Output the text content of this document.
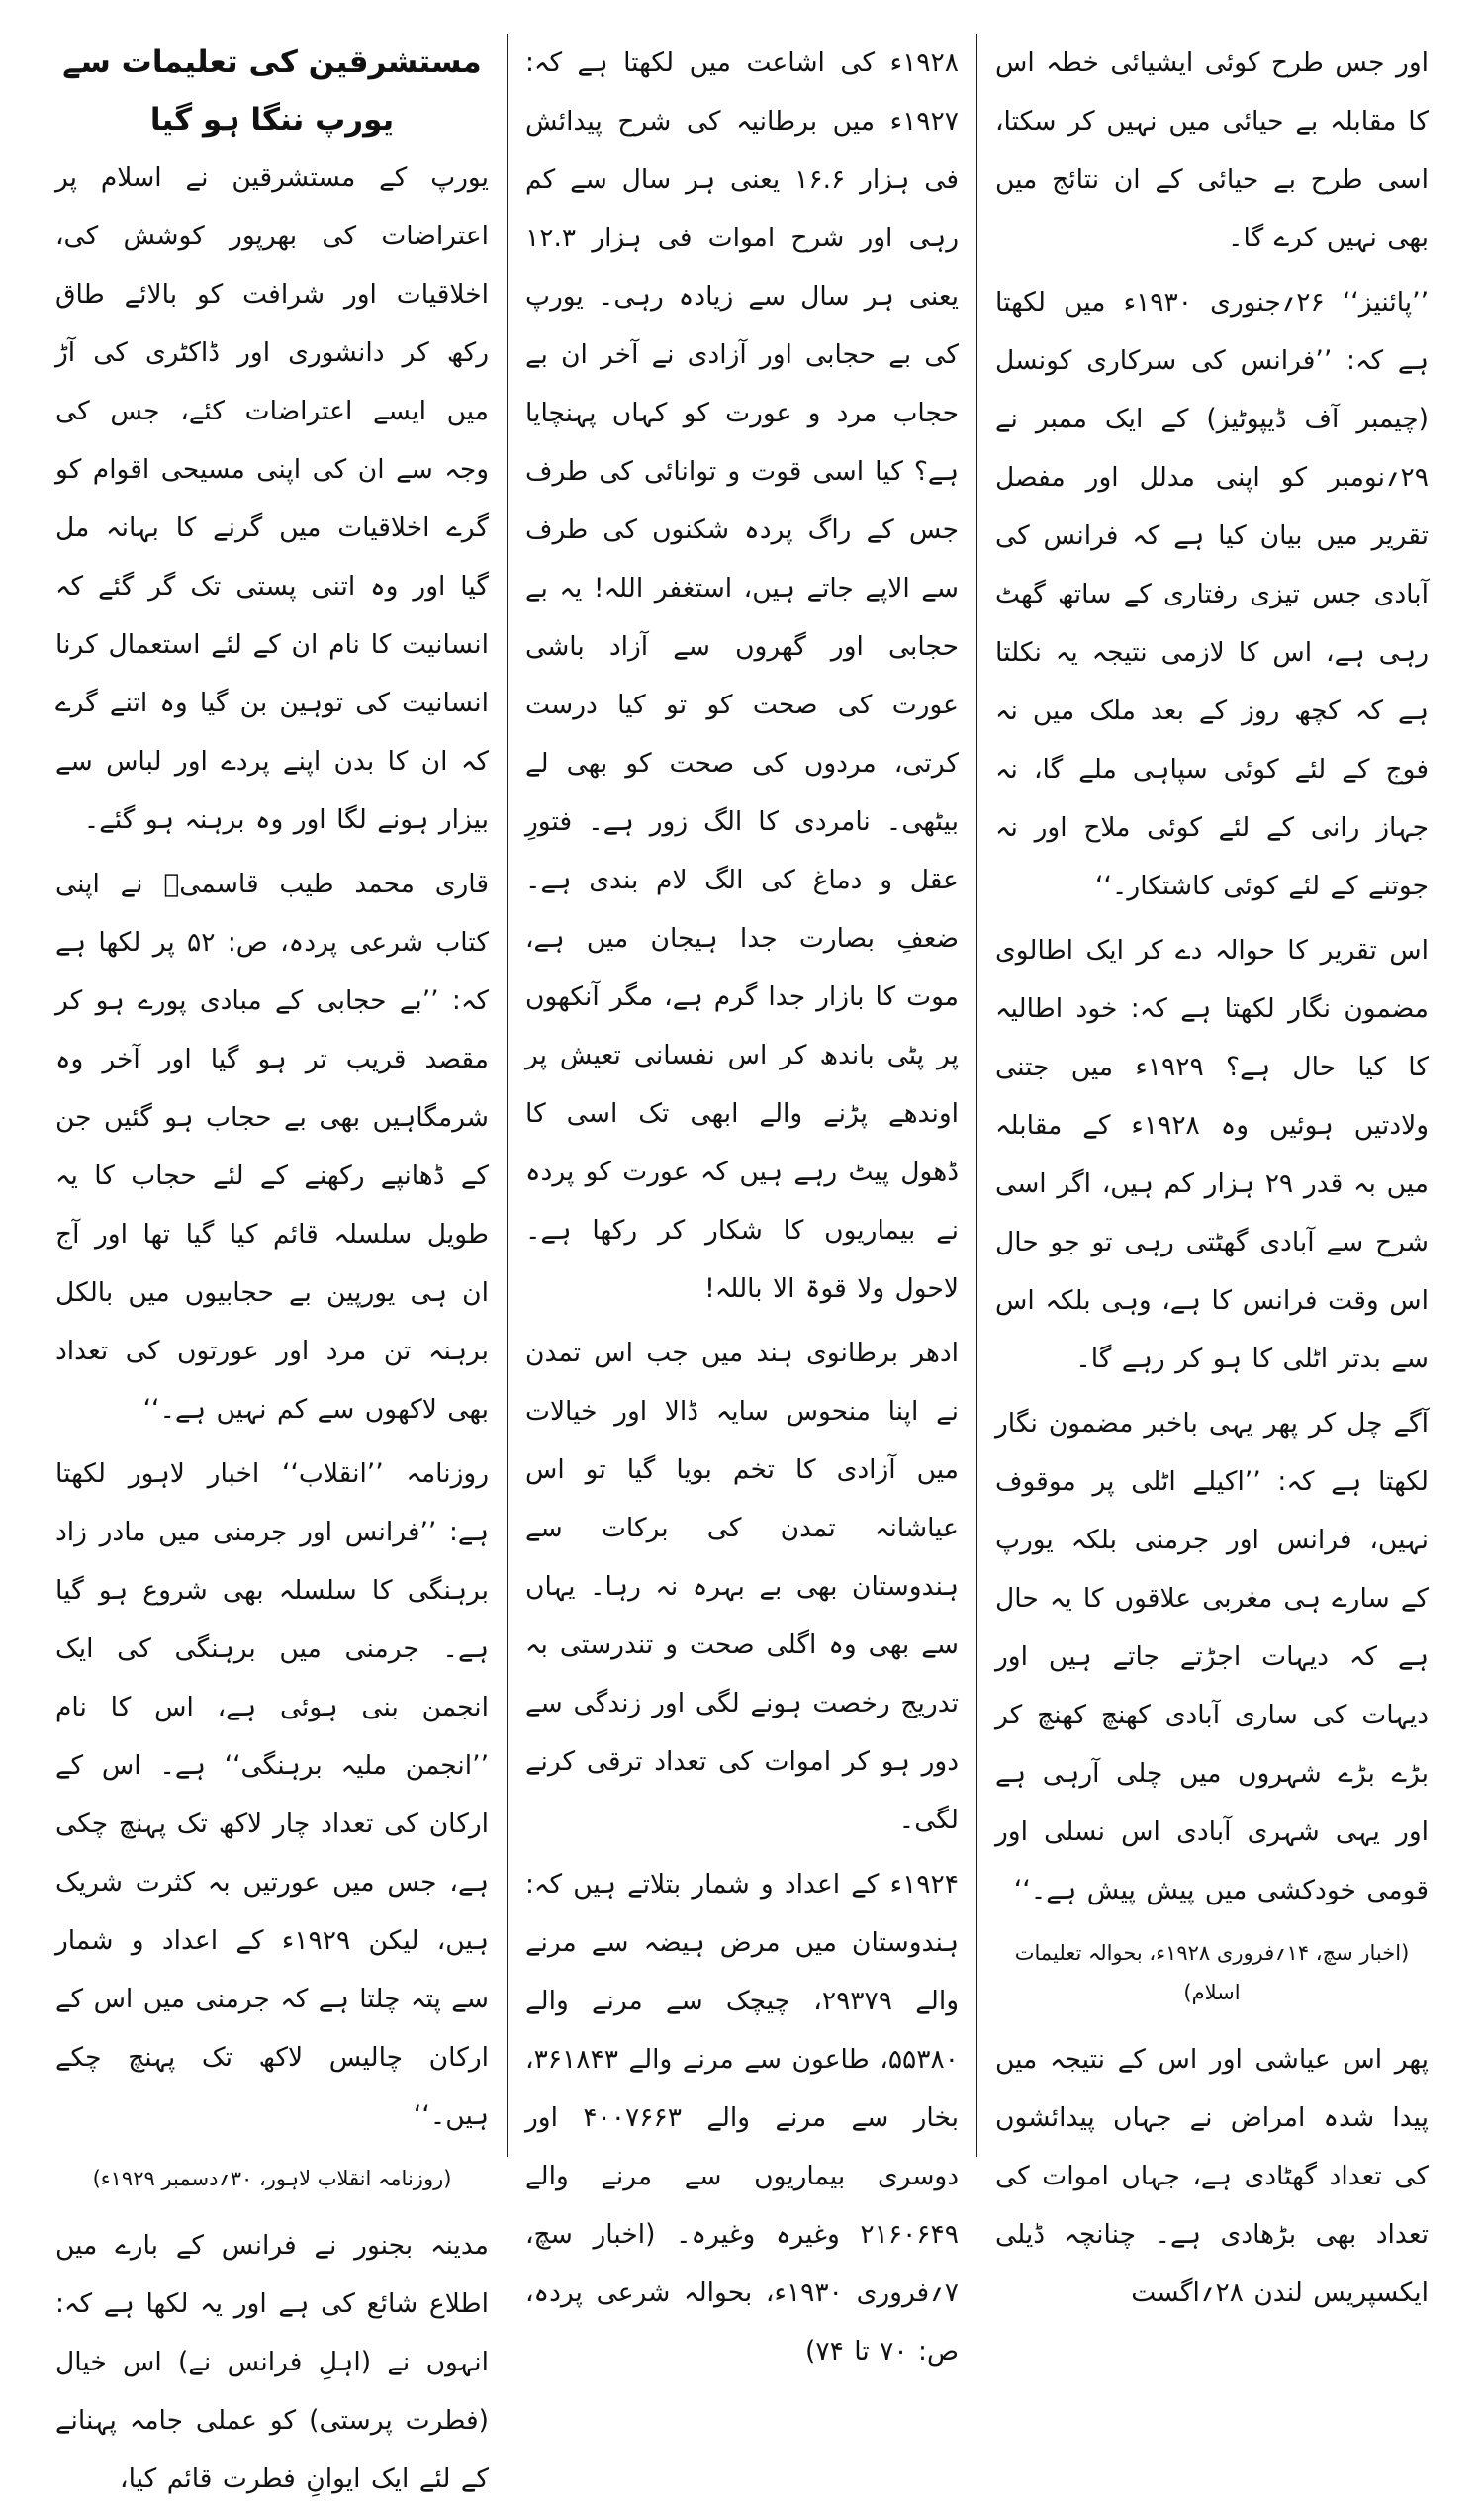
اور جس طرح کوئی ایشیائی خطہ اس کا مقابلہ بے حیائی میں نہیں کر سکتا، اسی طرح بے حیائی کے ان نتائج میں بھی نہیں کرے گا۔

’’پائنیز‘‘ ۲۶؍جنوری ۱۹۳۰ء میں لکھتا ہے کہ: ’’فرانس کی سرکاری کونسل (چیمبر آف ڈیپوٹیز) کے ایک ممبر نے ۲۹؍نومبر کو اپنی مدلل اور مفصل تقریر میں بیان کیا ہے کہ فرانس کی آبادی جس تیزی رفتاری کے ساتھ گھٹ رہی ہے، اس کا لازمی نتیجہ یہ نکلتا ہے کہ کچھ روز کے بعد ملک میں نہ فوج کے لئے کوئی سپاہی ملے گا، نہ جہاز رانی کے لئے کوئی ملاح اور نہ جوتنے کے لئے کوئی کاشتکار۔‘‘

اس تقریر کا حوالہ دے کر ایک اطالوی مضمون نگار لکھتا ہے کہ: خود اطالیہ کا کیا حال ہے؟ ۱۹۲۹ء میں جتنی ولادتیں ہوئیں وہ ۱۹۲۸ء کے مقابلہ میں بہ قدر ۲۹ ہزار کم ہیں، اگر اسی شرح سے آبادی گھٹتی رہی تو جو حال اس وقت فرانس کا ہے، وہی بلکہ اس سے بدتر اٹلی کا ہو کر رہے گا۔

آگے چل کر پھر یہی باخبر مضمون نگار لکھتا ہے کہ: ’’اکیلے اٹلی پر موقوف نہیں، فرانس اور جرمنی بلکہ یورپ کے سارے ہی مغربی علاقوں کا یہ حال ہے کہ دیہات اجڑتے جاتے ہیں اور دیہات کی ساری آبادی کھنچ کھنچ کر بڑے بڑے شہروں میں چلی آرہی ہے اور یہی شہری آبادی اس نسلی اور قومی خودکشی میں پیش پیش ہے۔‘‘

(اخبار سچ، ۱۴؍فروری ۱۹۲۸ء، بحوالہ تعلیمات اسلام)

پھر اس عیاشی اور اس کے نتیجہ میں پیدا شدہ امراض نے جہاں پیدائشوں کی تعداد گھٹادی ہے، جہاں اموات کی تعداد بھی بڑھادی ہے۔ چنانچہ ڈیلی ایکسپریس لندن ۲۸؍اگست

۱۹۲۸ء کی اشاعت میں لکھتا ہے کہ: ۱۹۲۷ء میں برطانیہ کی شرح پیدائش فی ہزار ۱۶.۶ یعنی ہر سال سے کم رہی اور شرح اموات فی ہزار ۱۲.۳ یعنی ہر سال سے زیادہ رہی۔ یورپ کی بے حجابی اور آزادی نے آخر ان بے حجاب مرد و عورت کو کہاں پہنچایا ہے؟ کیا اسی قوت و توانائی کی طرف جس کے راگ پردہ شکنوں کی طرف سے الاپے جاتے ہیں، استغفر اللہ! یہ بے حجابی اور گھروں سے آزاد باشی عورت کی صحت کو تو کیا درست کرتی، مردوں کی صحت کو بھی لے بیٹھی۔ نامردی کا الگ زور ہے۔ فتورِ عقل و دماغ کی الگ لام بندی ہے۔ ضعفِ بصارت جدا ہیجان میں ہے، موت کا بازار جدا گرم ہے، مگر آنکھوں پر پٹی باندھ کر اس نفسانی تعیش پر اوندھے پڑنے والے ابھی تک اسی کا ڈھول پیٹ رہے ہیں کہ عورت کو پردہ نے بیماریوں کا شکار کر رکھا ہے۔ لاحول ولا قوۃ الا باللہ!

ادھر برطانوی ہند میں جب اس تمدن نے اپنا منحوس سایہ ڈالا اور خیالات میں آزادی کا تخم بویا گیا تو اس عیاشانہ تمدن کی برکات سے ہندوستان بھی بے بہرہ نہ رہا۔ یہاں سے بھی وہ اگلی صحت و تندرستی بہ تدریج رخصت ہونے لگی اور زندگی سے دور ہو کر اموات کی تعداد ترقی کرنے لگی۔

۱۹۲۴ء کے اعداد و شمار بتلاتے ہیں کہ: ہندوستان میں مرض ہیضہ سے مرنے والے ۲۹۳۷۹، چیچک سے مرنے والے ۵۵۳۸۰، طاعون سے مرنے والے ۳۶۱۸۴۳، بخار سے مرنے والے ۴۰۰۷۶۶۳ اور دوسری بیماریوں سے مرنے والے ۲۱۶۰۶۴۹ وغیرہ وغیرہ۔ (اخبار سچ، ۷؍فروری ۱۹۳۰ء، بحوالہ شرعی پردہ، ص: ۷۰ تا ۷۴)

مستشرقین کی تعلیمات سے یورپ ننگا ہو گیا

یورپ کے مستشرقین نے اسلام پر اعتراضات کی بھرپور کوشش کی، اخلاقیات اور شرافت کو بالائے طاق رکھ کر دانشوری اور ڈاکٹری کی آڑ میں ایسے اعتراضات کئے، جس کی وجہ سے ان کی اپنی مسیحی اقوام کو گرے اخلاقیات میں گرنے کا بہانہ مل گیا اور وہ اتنی پستی تک گر گئے کہ انسانیت کا نام ان کے لئے استعمال کرنا انسانیت کی توہین بن گیا وہ اتنے گرے کہ ان کا بدن اپنے پردے اور لباس سے بیزار ہونے لگا اور وہ برہنہ ہو گئے۔

قاری محمد طیب قاسمیؒ نے اپنی کتاب شرعی پردہ، ص: ۵۲ پر لکھا ہے کہ: ’’بے حجابی کے مبادی پورے ہو کر مقصد قریب تر ہو گیا اور آخر وہ شرمگاہیں بھی بے حجاب ہو گئیں جن کے ڈھانپے رکھنے کے لئے حجاب کا یہ طویل سلسلہ قائم کیا گیا تھا اور آج ان ہی یورپین بے حجابیوں میں بالکل برہنہ تن مرد اور عورتوں کی تعداد بھی لاکھوں سے کم نہیں ہے۔‘‘

روزنامہ ’’انقلاب‘‘ اخبار لاہور لکھتا ہے: ’’فرانس اور جرمنی میں مادر زاد برہنگی کا سلسلہ بھی شروع ہو گیا ہے۔ جرمنی میں برہنگی کی ایک انجمن بنی ہوئی ہے، اس کا نام ’’انجمن ملیہ برہنگی‘‘ ہے۔ اس کے ارکان کی تعداد چار لاکھ تک پہنچ چکی ہے، جس میں عورتیں بہ کثرت شریک ہیں، لیکن ۱۹۲۹ء کے اعداد و شمار سے پتہ چلتا ہے کہ جرمنی میں اس کے ارکان چالیس لاکھ تک پہنچ چکے ہیں۔‘‘

(روزنامہ انقلاب لاہور، ۳۰؍دسمبر ۱۹۲۹ء)

مدینہ بجنور نے فرانس کے بارے میں اطلاع شائع کی ہے اور یہ لکھا ہے کہ: انہوں نے (اہلِ فرانس نے) اس خیال (فطرت پرستی) کو عملی جامہ پہنانے کے لئے ایک ایوانِ فطرت قائم کیا،
